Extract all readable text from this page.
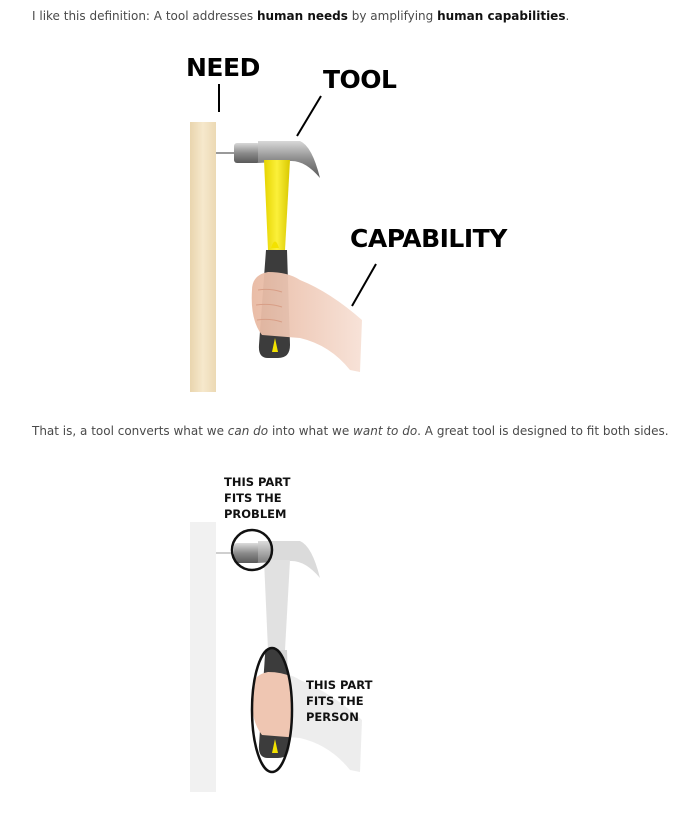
I like this definition: A tool addresses human needs by amplifying human capabilities.
NEED	TOOL
CAPABILITY
That is, a tool converts what we can do into what we want to do. A great tool is designed to fit both sides.
THIS PART FITS THE PROBLEM
THIS PART FITS THE PERSON
